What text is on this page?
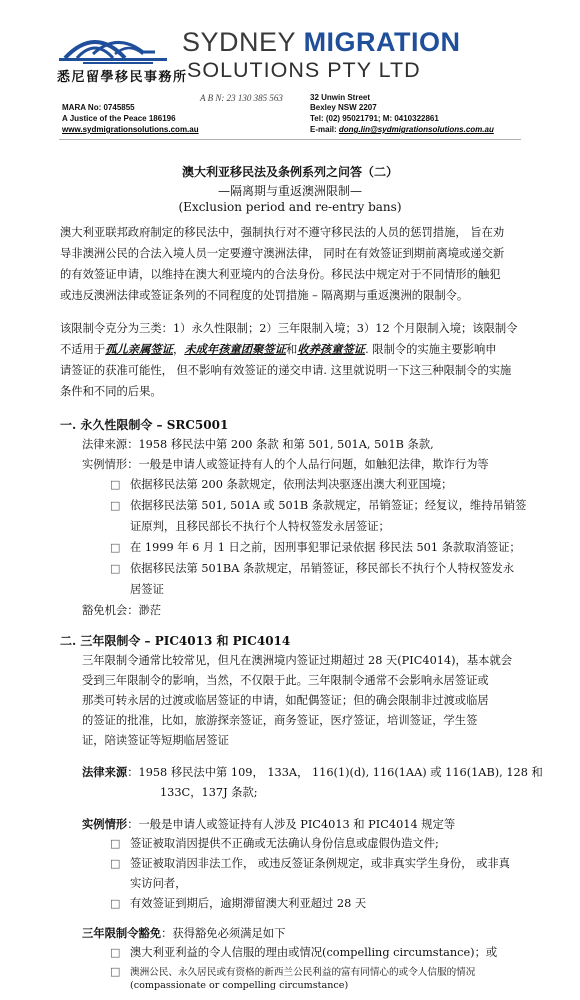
悉尼留學移民事務所
SYDNEY MIGRATION
SOLUTIONS PTY LTD
A B N: 23 130 385 563	32 Unwin Street
MARA No: 0745855	Bexley NSW 2207
A Justice of the Peace 186196	Tel: (02) 95021791; M: 0410322861
www.sydmigrationsolutions.com.au	E-mail: dong.lin@sydmigrationsolutions.com.au
澳大利亚移民法及条例系列之问答（二）
—隔离期与重返澳洲限制—
(Exclusion period and re-entry bans)
澳大利亚联邦政府制定的移民法中，强制执行对不遵守移民法的人员的惩罚措施， 旨在劝
导非澳洲公民的合法入境人员一定要遵守澳洲法律， 同时在有效签证到期前离境或递交新
的有效签证申请，以维持在澳大利亚境内的合法身份。移民法中规定对于不同情形的触犯
或违反澳洲法律或签证条列的不同程度的处罚措施 – 隔离期与重返澳洲的限制令。
该限制令克分为三类：1）永久性限制；2）三年限制入境；3）12 个月限制入境；该限制令
不适用于孤儿亲属签证，未成年孩童团聚签证和收养孩童签证. 限制令的实施主要影响申
请签证的获准可能性， 但不影响有效签证的递交申请. 这里就说明一下这三种限制令的实施
条件和不同的后果。
一. 永久性限制令 – SRC5001
法律来源：1958 移民法中第 200 条款 和第 501, 501A, 501B 条款,
实例情形：一般是申请人或签证持有人的个人品行问题，如触犯法律，欺诈行为等
□ 依据移民法第 200 条款规定，依刑法判决驱逐出澳大利亚国境；
□ 依据移民法第 501, 501A 或 501B 条款规定，吊销签证；经复议，维持吊销签
证原判，且移民部长不执行个人特权签发永居签证；
□ 在 1999 年 6 月 1 日之前，因刑事犯罪记录依据 移民法 501 条款取消签证；
□ 依据移民法第 501BA 条款规定，吊销签证，移民部长不执行个人特权签发永
居签证
豁免机会：渺茫
二. 三年限制令 – PIC4013 和 PIC4014
三年限制令通常比较常见，但凡在澳洲境内签证过期超过 28 天(PIC4014)，基本就会
受到三年限制令的影响，当然，不仅限于此。三年限制令通常不会影响永居签证或
那类可转永居的过渡或临居签证的申请，如配偶签证；但的确会限制非过渡或临居
的签证的批准，比如，旅游探亲签证，商务签证，医疗签证，培训签证，学生签
证，陪读签证等短期临居签证
法律来源：1958 移民法中第 109， 133A， 116(1)(d), 116(1AA) 或 116(1AB), 128 和
133C，137J 条款;
实例情形：一般是申请人或签证持有人涉及 PIC4013 和 PIC4014 规定等
□ 签证被取消因提供不正确或无法确认身份信息或虚假伪造文件;
□ 签证被取消因非法工作， 或违反签证条例规定，或非真实学生身份， 或非真
实访问者，
□ 有效签证到期后，逾期滞留澳大利亚超过 28 天
三年限制令豁免：获得豁免必须满足如下
□ 澳大利亚利益的令人信服的理由或情况(compelling circumstance)；或
□ 澳洲公民、永久居民或有资格的新西兰公民利益的富有同情心的或令人信服的情况
(compassionate or compelling circumstance)
